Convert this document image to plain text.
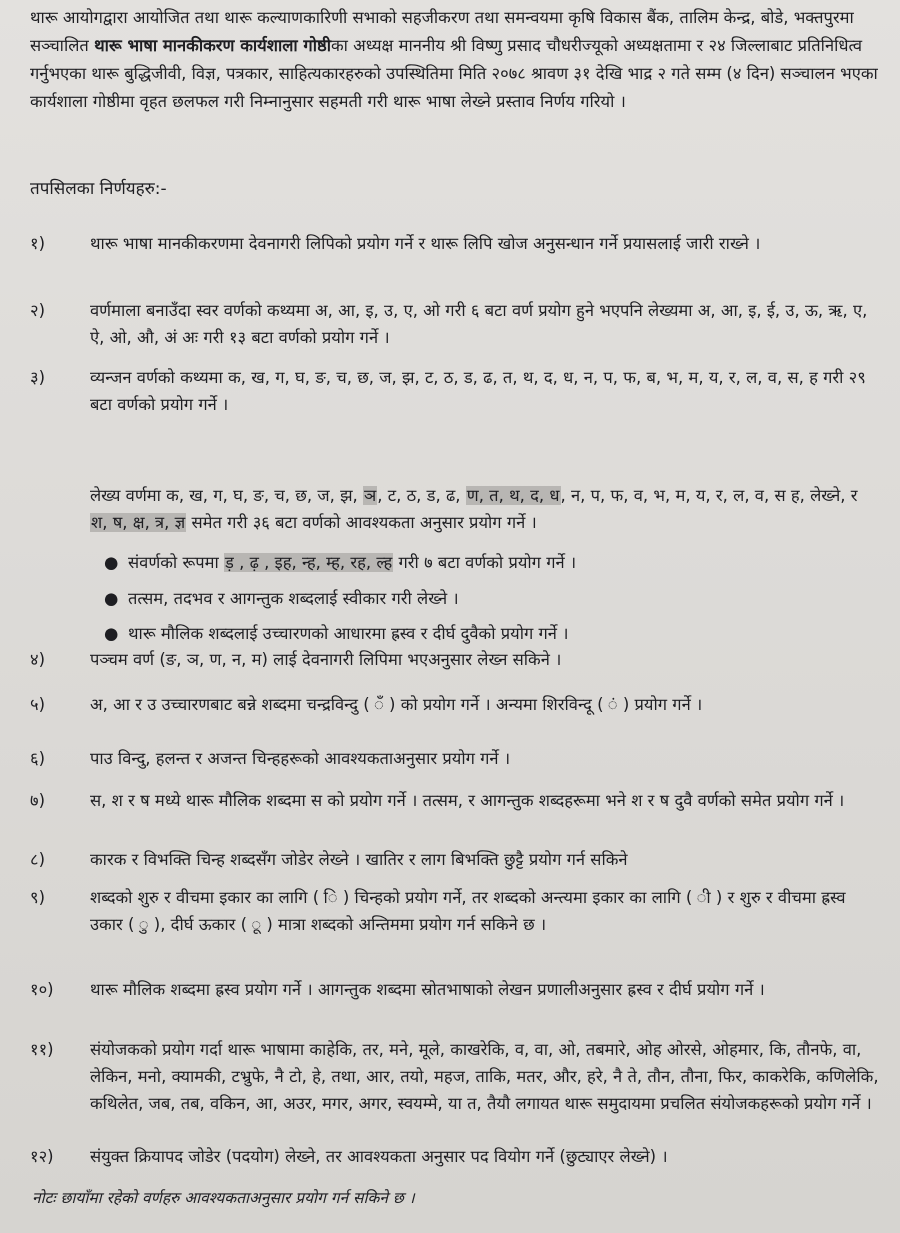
थारू आयोगद्वारा आयोजित तथा थारू कल्याणकारिणी सभाको सहजीकरण तथा समन्वयमा कृषि विकास बैंक, तालिम केन्द्र, बोडे, भक्तपुरमा सञ्चालित थारू भाषा मानकीकरण कार्यशाला गोष्ठीका अध्यक्ष माननीय श्री विष्णु प्रसाद चौधरीज्यूको अध्यक्षतामा र २४ जिल्लाबाट प्रतिनिधित्व गर्नुभएका थारू बुद्धिजीवी, विज्ञ, पत्रकार, साहित्यकारहरुको उपस्थितिमा मिति २०७८ श्रावण ३१ देखि भाद्र २ गते सम्म (४ दिन) सञ्चालन भएका कार्यशाला गोष्ठीमा वृहत छलफल गरी निम्नानुसार सहमती गरी थारू भाषा लेख्ने प्रस्ताव निर्णय गरियो ।

तपसिलका निर्णयहरु:-

१)	थारू भाषा मानकीकरणमा देवनागरी लिपिको प्रयोग गर्ने र थारू लिपि खोज अनुसन्धान गर्ने प्रयासलाई जारी राख्ने ।
२)	वर्णमाला बनाउँदा स्वर वर्णको कथ्यमा अ, आ, इ, उ, ए, ओ गरी ६ बटा वर्ण प्रयोग हुने भएपनि लेख्यमा अ, आ, इ, ई, उ, ऊ, ऋ, ए, ऐ, ओ, औ, अं अः गरी १३ बटा वर्णको प्रयोग गर्ने ।
३)	व्यन्जन वर्णको कथ्यमा क, ख, ग, घ, ङ, च, छ, ज, झ, ट, ठ, ड, ढ, त, थ, द, ध, न, प, फ, ब, भ, म, य, र, ल, व, स, ह गरी २९ बटा वर्णको प्रयोग गर्ने ।
लेख्य वर्णमा क, ख, ग, घ, ङ, च, छ, ज, झ, ञ, ट, ठ, ड, ढ, ण, त, थ, द, ध, न, प, फ, व, भ, म, य, र, ल, व, स ह, लेख्ने, र श, ष, क्ष, त्र, ज्ञ समेत गरी ३६ बटा वर्णको आवश्यकता अनुसार प्रयोग गर्ने ।
● संवर्णको रूपमा ड़ , ढ़ , इह, न्ह, म्ह, रह, ल्ह गरी ७ बटा वर्णको प्रयोग गर्ने ।
● तत्सम, तदभव र आगन्तुक शब्दलाई स्वीकार गरी लेख्ने ।
● थारू मौलिक शब्दलाई उच्चारणको आधारमा ह्रस्व र दीर्घ दुवैको प्रयोग गर्ने ।
४)	पञ्चम वर्ण (ङ, ञ, ण, न, म) लाई देवनागरी लिपिमा भएअनुसार लेख्न सकिने ।
५)	अ, आ र उ उच्चारणबाट बन्ने शब्दमा चन्द्रविन्दु ( ँ ) को प्रयोग गर्ने । अन्यमा शिरविन्दू ( ं ) प्रयोग गर्ने ।
६)	पाउ विन्दु, हलन्त र अजन्त चिन्हहरूको आवश्यकताअनुसार प्रयोग गर्ने ।
७)	स, श र ष मध्ये थारू मौलिक शब्दमा स को प्रयोग गर्ने । तत्सम, र आगन्तुक शब्दहरूमा भने श र ष दुवै वर्णको समेत प्रयोग गर्ने ।
८)	कारक र विभक्ति चिन्ह शब्दसँग जोडेर लेख्ने । खातिर र लाग बिभक्ति छुट्टै प्रयोग गर्न सकिने
९)	शब्दको शुरु र वीचमा इकार का लागि ( ि ) चिन्हको प्रयोग गर्ने, तर शब्दको अन्त्यमा इकार का लागि ( ी ) र शुरु र वीचमा ह्रस्व उकार ( ु ), दीर्घ ऊकार ( ू ) मात्रा शब्दको अन्तिममा प्रयोग गर्न सकिने छ ।
१०)	थारू मौलिक शब्दमा ह्रस्व प्रयोग गर्ने । आगन्तुक शब्दमा स्रोतभाषाको लेखन प्रणालीअनुसार ह्रस्व र दीर्घ प्रयोग गर्ने ।
११)	संयोजकको प्रयोग गर्दा थारू भाषामा काहेकि, तर, मने, मूले, काखरेकि, व, वा, ओ, तबमारे, ओह ओरसे, ओहमार, कि, तौनफे, वा, लेकिन, मनो, क्यामकी, टभ्रुफे, नै टो, हे, तथा, आर, तयो, महज, ताकि, मतर, और, हरे, नै ते, तौन, तौना, फिर, काकरेकि, कणिलेकि, कथिलेत, जब, तब, वकिन, आ, अउर, मगर, अगर, स्वयम्मे, या त, तैयौ लगायत थारू समुदायमा प्रचलित संयोजकहरूको प्रयोग गर्ने ।
१२)	संयुक्त क्रियापद जोडेर (पदयोग) लेख्ने, तर आवश्यकता अनुसार पद वियोग गर्ने (छुट्याएर लेख्ने) ।

नोटः छायाँमा रहेको वर्णहरु आवश्यकताअनुसार प्रयोग गर्न सकिने छ ।
